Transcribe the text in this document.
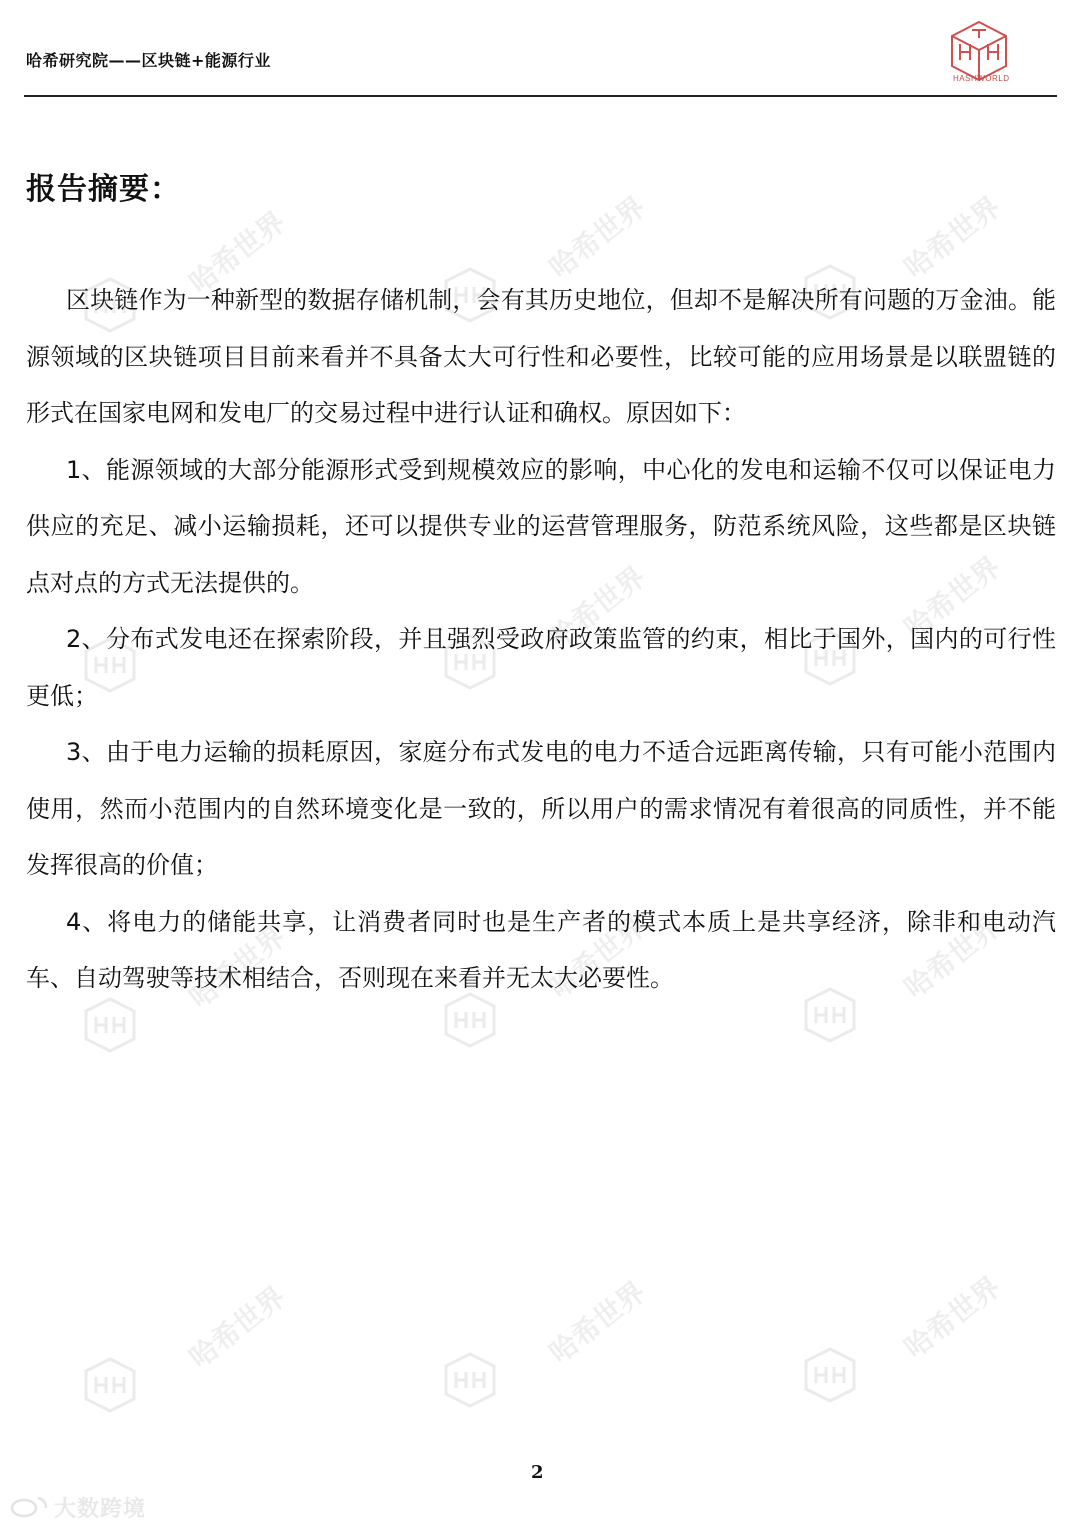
哈希研究院——区块链+能源行业
HASHWORLD
哈希世界	哈希世界	哈希世界
哈希世界	哈希世界
哈希世界	哈希世界	哈希世界
哈希世界	哈希世界	哈希世界
报告摘要：

区块链作为一种新型的数据存储机制，会有其历史地位，但却不是解决所有问题的万金油。能源领域的区块链项目目前来看并不具备太大可行性和必要性，比较可能的应用场景是以联盟链的形式在国家电网和发电厂的交易过程中进行认证和确权。原因如下：

1、能源领域的大部分能源形式受到规模效应的影响，中心化的发电和运输不仅可以保证电力供应的充足、减小运输损耗，还可以提供专业的运营管理服务，防范系统风险，这些都是区块链点对点的方式无法提供的。

2、分布式发电还在探索阶段，并且强烈受政府政策监管的约束，相比于国外，国内的可行性更低；

3、由于电力运输的损耗原因，家庭分布式发电的电力不适合远距离传输，只有可能小范围内使用，然而小范围内的自然环境变化是一致的，所以用户的需求情况有着很高的同质性，并不能发挥很高的价值；

4、将电力的储能共享，让消费者同时也是生产者的模式本质上是共享经济，除非和电动汽车、自动驾驶等技术相结合，否则现在来看并无太大必要性。

2
大数跨境
